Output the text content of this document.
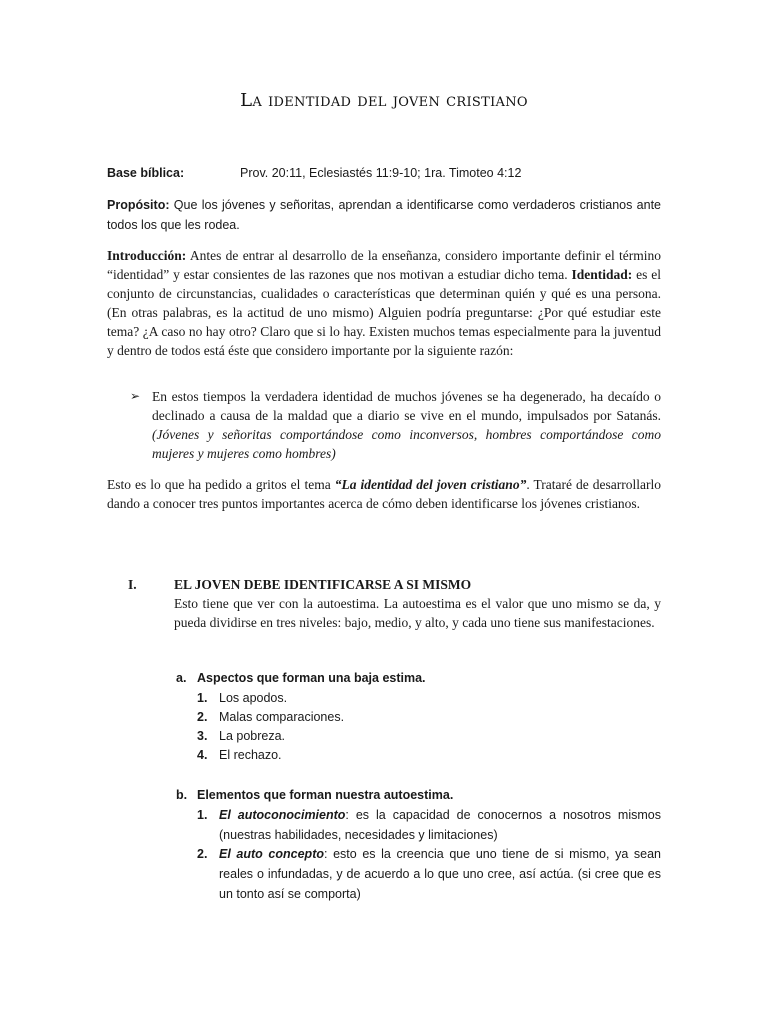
La identidad del joven cristiano
Base bíblica:	Prov. 20:11, Eclesiastés 11:9-10; 1ra. Timoteo 4:12
Propósito: Que los jóvenes y señoritas, aprendan a identificarse como verdaderos cristianos ante todos los que les rodea.
Introducción: Antes de entrar al desarrollo de la enseñanza, considero importante definir el término “identidad” y estar consientes de las razones que nos motivan a estudiar dicho tema. Identidad: es el conjunto de circunstancias, cualidades o características que determinan quién y qué es una persona. (En otras palabras, es la actitud de uno mismo) Alguien podría preguntarse: ¿Por qué estudiar este tema? ¿A caso no hay otro? Claro que si lo hay. Existen muchos temas especialmente para la juventud y dentro de todos está éste que considero importante por la siguiente razón:
➢ En estos tiempos la verdadera identidad de muchos jóvenes se ha degenerado, ha decaído o declinado a causa de la maldad que a diario se vive en el mundo, impulsados por Satanás. (Jóvenes y señoritas comportándose como inconversos, hombres comportándose como mujeres y mujeres como hombres)
Esto es lo que ha pedido a gritos el tema “La identidad del joven cristiano”. Trataré de desarrollarlo dando a conocer tres puntos importantes acerca de cómo deben identificarse los jóvenes cristianos.
I.	EL JOVEN DEBE IDENTIFICARSE A SI MISMO
Esto tiene que ver con la autoestima. La autoestima es el valor que uno mismo se da, y pueda dividirse en tres niveles: bajo, medio, y alto, y cada uno tiene sus manifestaciones.
a. Aspectos que forman una baja estima.
1. Los apodos.
2. Malas comparaciones.
3. La pobreza.
4. El rechazo.
b. Elementos que forman nuestra autoestima.
1. El autoconocimiento: es la capacidad de conocernos a nosotros mismos (nuestras habilidades, necesidades y limitaciones)
2. El auto concepto: esto es la creencia que uno tiene de si mismo, ya sean reales o infundadas, y de acuerdo a lo que uno cree, así actúa. (si cree que es un tonto así se comporta)
